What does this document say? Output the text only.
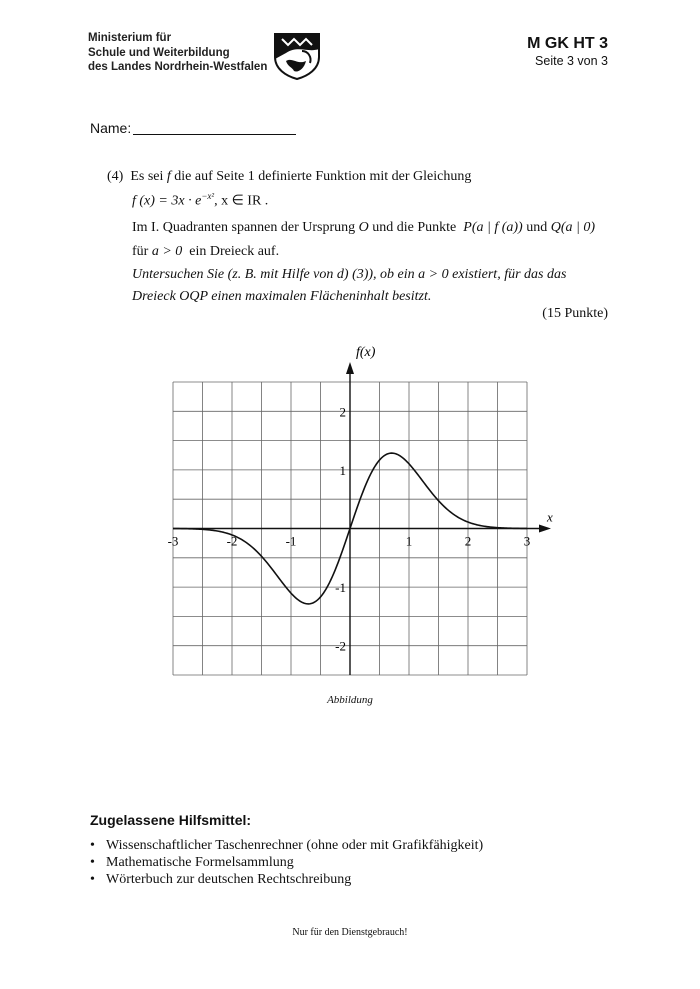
Ministerium für
Schule und Weiterbildung
des Landes Nordrhein-Westfalen
M GK HT 3
Seite 3 von 3
Name:
(4) Es sei f die auf Seite 1 definierte Funktion mit der Gleichung
f $(x) = 3x \cdot e^{-x^2}$, x ∈ IR .
Im I. Quadranten spannen der Ursprung O und die Punkte P(a | f (a)) und Q(a | 0)
für a > 0 ein Dreieck auf.
Untersuchen Sie (z. B. mit Hilfe von d) (3)), ob ein a > 0 existiert, für das das
Dreieck OQP einen maximalen Flächeninhalt besitzt.
(15 Punkte)
-3	-2	-1	1	2	3
2
1
-1
-2
x
f(x)
Abbildung
Zugelassene Hilfsmittel:
• Wissenschaftlicher Taschenrechner (ohne oder mit Grafikfähigkeit)
• Mathematische Formelsammlung
• Wörterbuch zur deutschen Rechtschreibung
Nur für den Dienstgebrauch!
